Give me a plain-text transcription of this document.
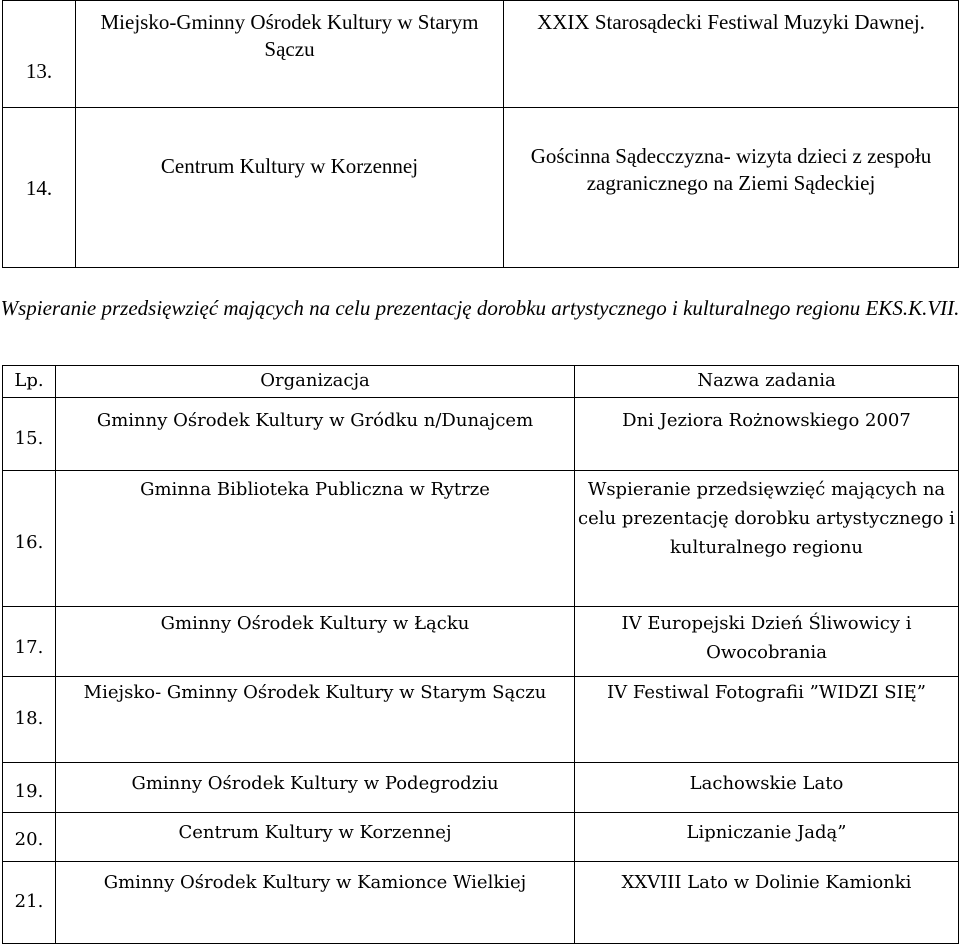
13.	Miejsko-Gminny Ośrodek Kultury w Starym Sączu	XXIX Starosądecki Festiwal Muzyki Dawnej.
14.	Centrum Kultury w Korzennej	Gościnna Sądecczyzna- wizyta dzieci z zespołu zagranicznego na Ziemi Sądeckiej
Wspieranie przedsięwzięć mających na celu prezentację dorobku artystycznego i kulturalnego regionu EKS.K.VII.
Lp.	Organizacja	Nazwa zadania
15.	Gminny Ośrodek Kultury w Gródku n/Dunajcem	Dni Jeziora Rożnowskiego 2007
16.	Gminna Biblioteka Publiczna w Rytrze	Wspieranie przedsięwzięć mających na celu prezentację dorobku artystycznego i kulturalnego regionu
17.	Gminny Ośrodek Kultury w Łącku	IV Europejski Dzień Śliwowicy i Owocobrania
18.	Miejsko- Gminny Ośrodek Kultury w Starym Sączu	IV Festiwal Fotografii ”WIDZI SIĘ”
19.	Gminny Ośrodek Kultury w Podegrodziu	Lachowskie Lato
20.	Centrum Kultury w Korzennej	Lipniczanie Jadą”
21.	Gminny Ośrodek Kultury w Kamionce Wielkiej	XXVIII Lato w Dolinie Kamionki
